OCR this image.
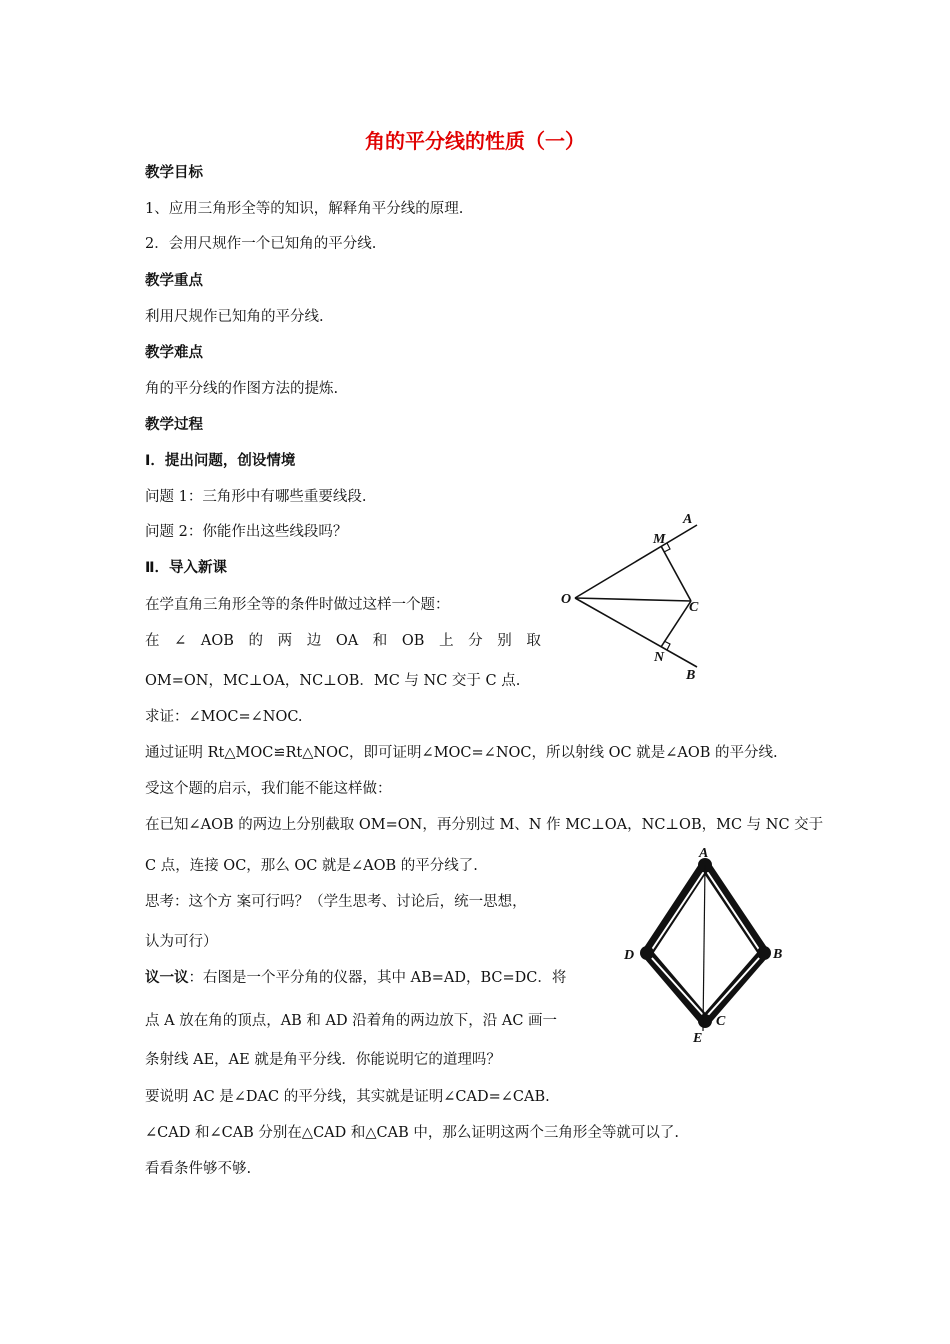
角的平分线的性质（一）
教学目标
1、应用三角形全等的知识，解释角平分线的原理.
2．会用尺规作一个已知角的平分线.
教学重点
利用尺规作已知角的平分线.
教学难点
角的平分线的作图方法的提炼.
教学过程
Ⅰ．提出问题，创设情境
问题 1：三角形中有哪些重要线段.
问题 2：你能作出这些线段吗？
Ⅱ．导入新课
在学直角三角形全等的条件时做过这样一个题：
在 ∠ AOB 的 两 边 OA 和 OB 上 分 别 取
OM=ON，MC⊥OA，NC⊥OB．MC 与 NC 交于 C 点.
求证：∠MOC=∠NOC.
通过证明 Rt△MOC≌Rt△NOC，即可证明∠MOC=∠NOC，所以射线 OC 就是∠AOB 的平分线.
受这个题的启示，我们能不能这样做：
在已知∠AOB 的两边上分别截取 OM=ON，再分别过 M、N 作 MC⊥OA，NC⊥OB，MC 与 NC 交于
C 点，连接 OC，那么 OC 就是∠AOB 的平分线了.
思考：这个方 案可行吗？（学生思考、讨论后，统一思想，
认为可行）
议一议：右图是一个平分角的仪器，其中 AB=AD，BC=DC．将
点 A 放在角的顶点，AB 和 AD 沿着角的两边放下，沿 AC 画一
条射线 AE，AE 就是角平分线．你能说明它的道理吗？
要说明 AC 是∠DAC 的平分线，其实就是证明∠CAD=∠CAB.
∠CAD 和∠CAB 分别在△CAD 和△CAB 中，那么证明这两个三角形全等就可以了.
看看条件够不够.
A
M
O
C
N
B
A
D	B
C
E
